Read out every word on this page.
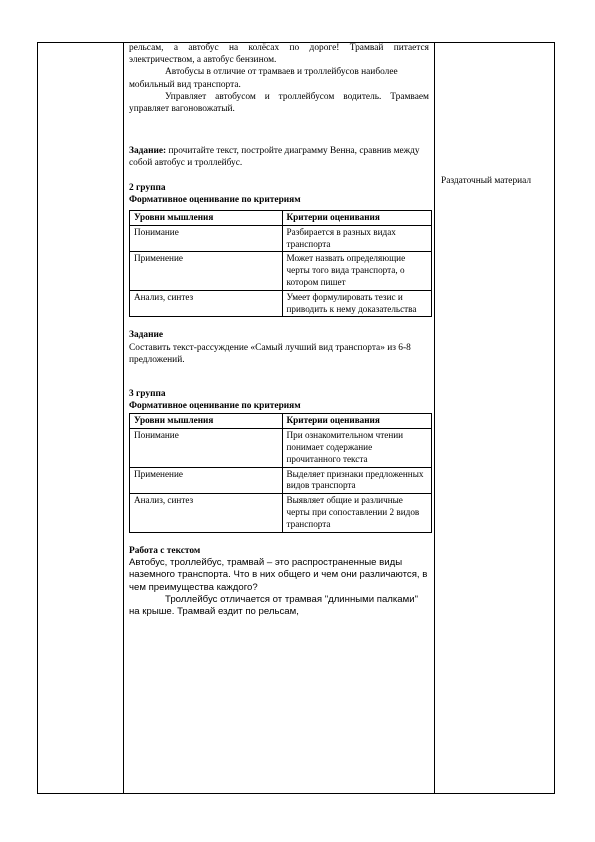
рельсам, а автобус на колёсах по дороге! Трамвай питается электричеством, а автобус бензином.

Автобусы в отличие от трамваев и троллейбусов наиболее мобильный вид транспорта.

Управляет автобусом и троллейбусом водитель. Трамваем управляет вагоновожатый.

Задание: прочитайте текст, постройте диаграмму Венна, сравнив между собой автобус и троллейбус.

2 группа

Формативное оценивание по критериям

Уровни мышления	Критерии оценивания
Понимание	Разбирается в разных видах транспорта
Применение	Может назвать определяющие черты того вида транспорта, о котором пишет
Анализ, синтез	Умеет формулировать тезис и приводить к нему доказательства

Задание

Составить текст-рассуждение «Самый лучший вид транспорта» из 6-8 предложений.

3 группа

Формативное оценивание по критериям

Уровни мышления	Критерии оценивания
Понимание	При ознакомительном чтении понимает содержание прочитанного текста
Применение	Выделяет признаки предложенных видов транспорта
Анализ, синтез	Выявляет общие и различные черты при сопоставлении 2 видов транспорта

Работа с текстом

Автобус, троллейбус, трамвай – это распространенные виды наземного транспорта. Что в них общего и чем они различаются, в чем преимущества каждого?

Троллейбус отличается от трамвая "длинными палками" на крыше. Трамвай ездит по рельсам,

Раздаточный материал
